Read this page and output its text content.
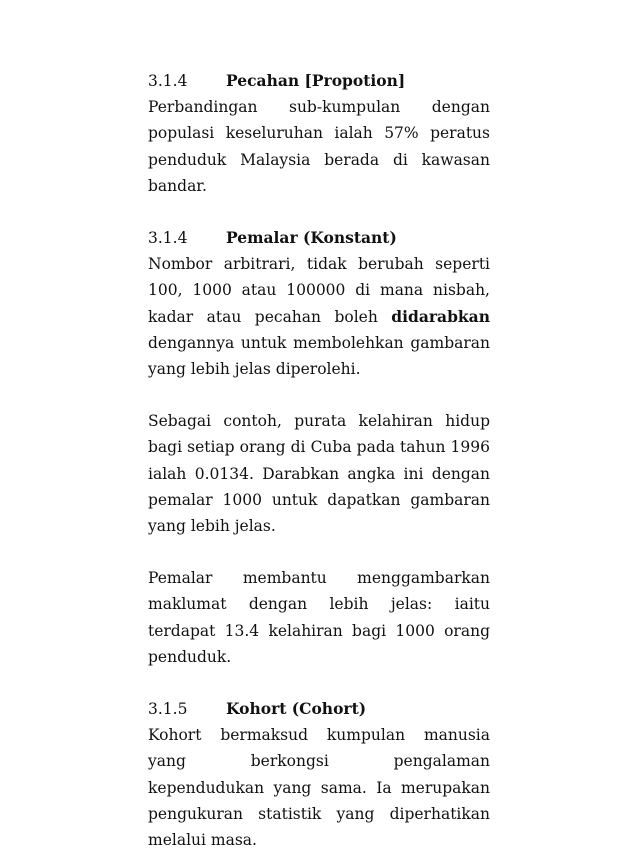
3.1.4	Pecahan [Propotion]

Perbandingan sub-kumpulan dengan populasi keseluruhan ialah 57% peratus penduduk Malaysia berada di kawasan bandar.

3.1.4	Pemalar (Konstant)

Nombor arbitrari, tidak berubah seperti 100, 1000 atau 100000 di mana nisbah, kadar atau pecahan boleh didarabkan dengannya untuk membolehkan gambaran yang lebih jelas diperolehi.

Sebagai contoh, purata kelahiran hidup bagi setiap orang di Cuba pada tahun 1996 ialah 0.0134. Darabkan angka ini dengan pemalar 1000 untuk dapatkan gambaran yang lebih jelas.

Pemalar membantu menggambarkan maklumat dengan lebih jelas: iaitu terdapat 13.4 kelahiran bagi 1000 orang penduduk.

3.1.5	Kohort (Cohort)

Kohort bermaksud kumpulan manusia yang berkongsi pengalaman kependudukan yang sama. Ia merupakan pengukuran statistik yang diperhatikan melalui masa.
